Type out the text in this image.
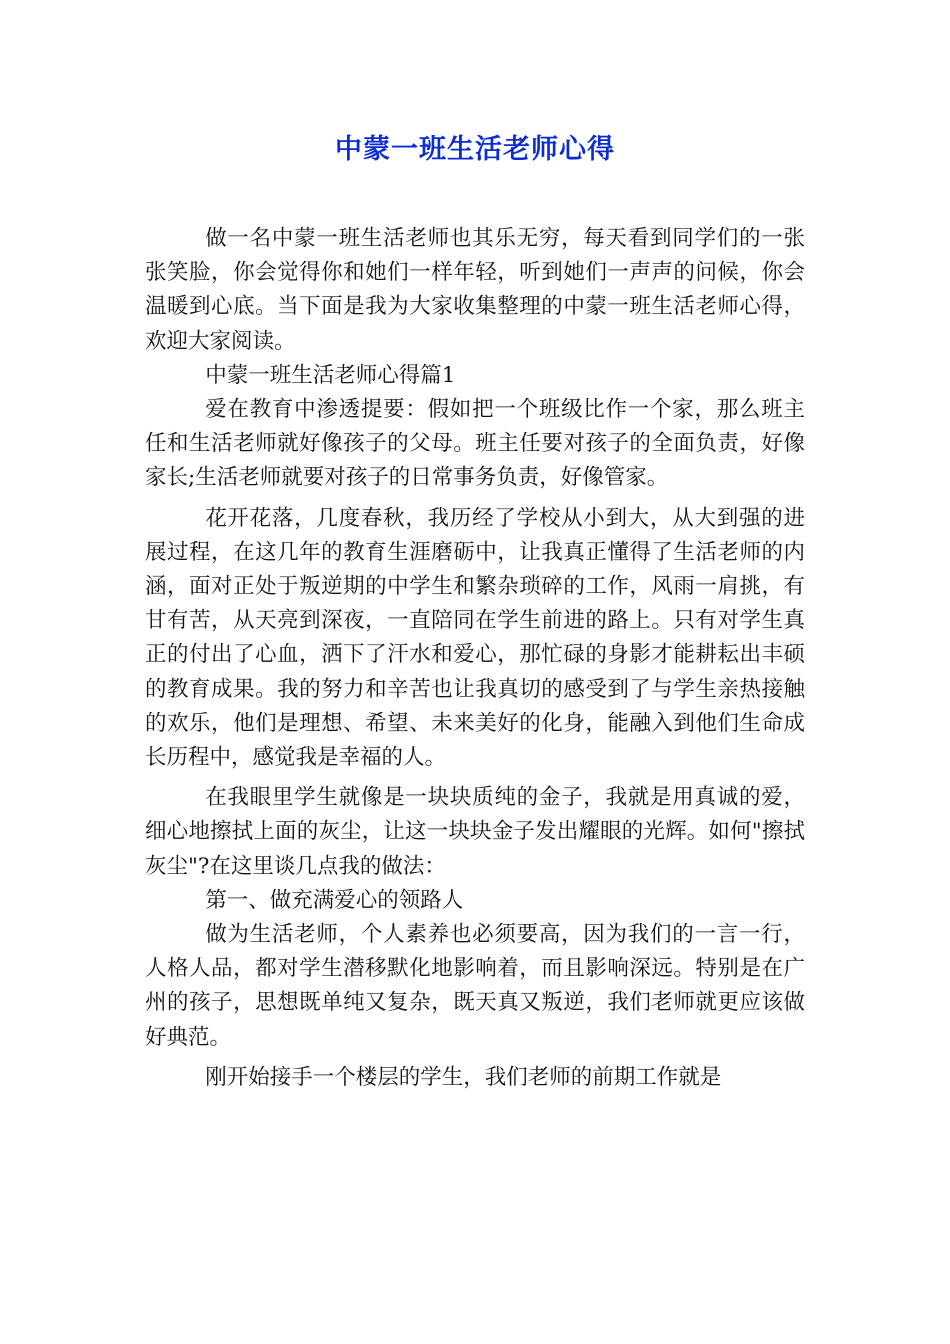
中蒙一班生活老师心得

做一名中蒙一班生活老师也其乐无穷，每天看到同学们的一张张笑脸，你会觉得你和她们一样年轻，听到她们一声声的问候，你会温暖到心底。当下面是我为大家收集整理的中蒙一班生活老师心得，欢迎大家阅读。

中蒙一班生活老师心得篇1

爱在教育中渗透提要：假如把一个班级比作一个家，那么班主任和生活老师就好像孩子的父母。班主任要对孩子的全面负责，好像家长;生活老师就要对孩子的日常事务负责，好像管家。

花开花落，几度春秋，我历经了学校从小到大，从大到强的进展过程，在这几年的教育生涯磨砺中，让我真正懂得了生活老师的内涵，面对正处于叛逆期的中学生和繁杂琐碎的工作，风雨一肩挑，有甘有苦，从天亮到深夜，一直陪同在学生前进的路上。只有对学生真正的付出了心血，洒下了汗水和爱心，那忙碌的身影才能耕耘出丰硕的教育成果。我的努力和辛苦也让我真切的感受到了与学生亲热接触的欢乐，他们是理想、希望、未来美好的化身，能融入到他们生命成长历程中，感觉我是幸福的人。

在我眼里学生就像是一块块质纯的金子，我就是用真诚的爱，细心地擦拭上面的灰尘，让这一块块金子发出耀眼的光辉。如何"擦拭灰尘"?在这里谈几点我的做法：

第一、做充满爱心的领路人

做为生活老师，个人素养也必须要高，因为我们的一言一行，人格人品，都对学生潜移默化地影响着，而且影响深远。特别是在广州的孩子，思想既单纯又复杂，既天真又叛逆，我们老师就更应该做好典范。

刚开始接手一个楼层的学生，我们老师的前期工作就是
